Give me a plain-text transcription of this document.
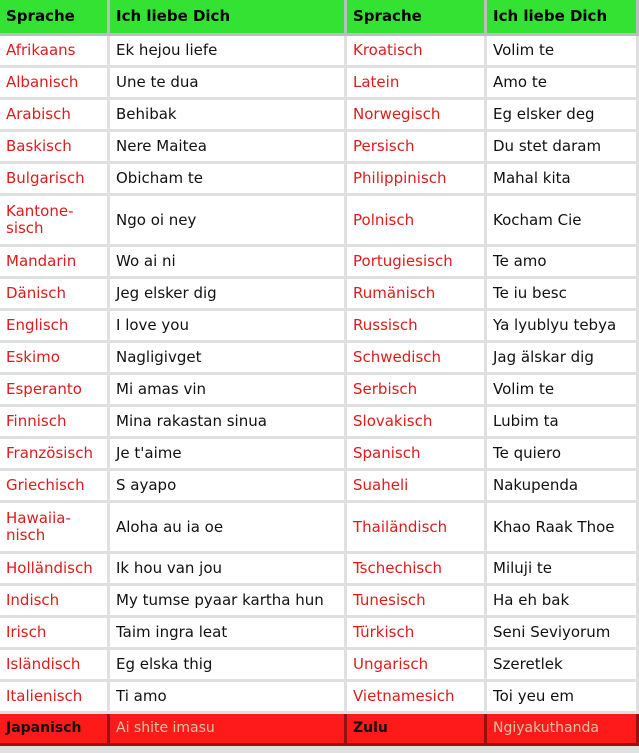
Sprache	Ich liebe Dich	Sprache	Ich liebe Dich
Afrikaans	Ek hejou liefe	Kroatisch	Volim te
Albanisch	Une te dua	Latein	Amo te
Arabisch	Behibak	Norwegisch	Eg elsker deg
Baskisch	Nere Maitea	Persisch	Du stet daram
Bulgarisch	Obicham te	Philippinisch	Mahal kita
Kantone-sisch	Ngo oi ney	Polnisch	Kocham Cie
Mandarin	Wo ai ni	Portugiesisch	Te amo
Dänisch	Jeg elsker dig	Rumänisch	Te iu besc
Englisch	I love you	Russisch	Ya lyublyu tebya
Eskimo	Nagligivget	Schwedisch	Jag älskar dig
Esperanto	Mi amas vin	Serbisch	Volim te
Finnisch	Mina rakastan sinua	Slovakisch	Lubim ta
Französisch	Je t'aime	Spanisch	Te quiero
Griechisch	S ayapo	Suaheli	Nakupenda
Hawaiia-nisch	Aloha au ia oe	Thailändisch	Khao Raak Thoe
Holländisch	Ik hou van jou	Tschechisch	Miluji te
Indisch	My tumse pyaar kartha hun	Tunesisch	Ha eh bak
Irisch	Taim ingra leat	Türkisch	Seni Seviyorum
Isländisch	Eg elska thig	Ungarisch	Szeretlek
Italienisch	Ti amo	Vietnamesich	Toi yeu em
Japanisch	Ai shite imasu	Zulu	Ngiyakuthanda
